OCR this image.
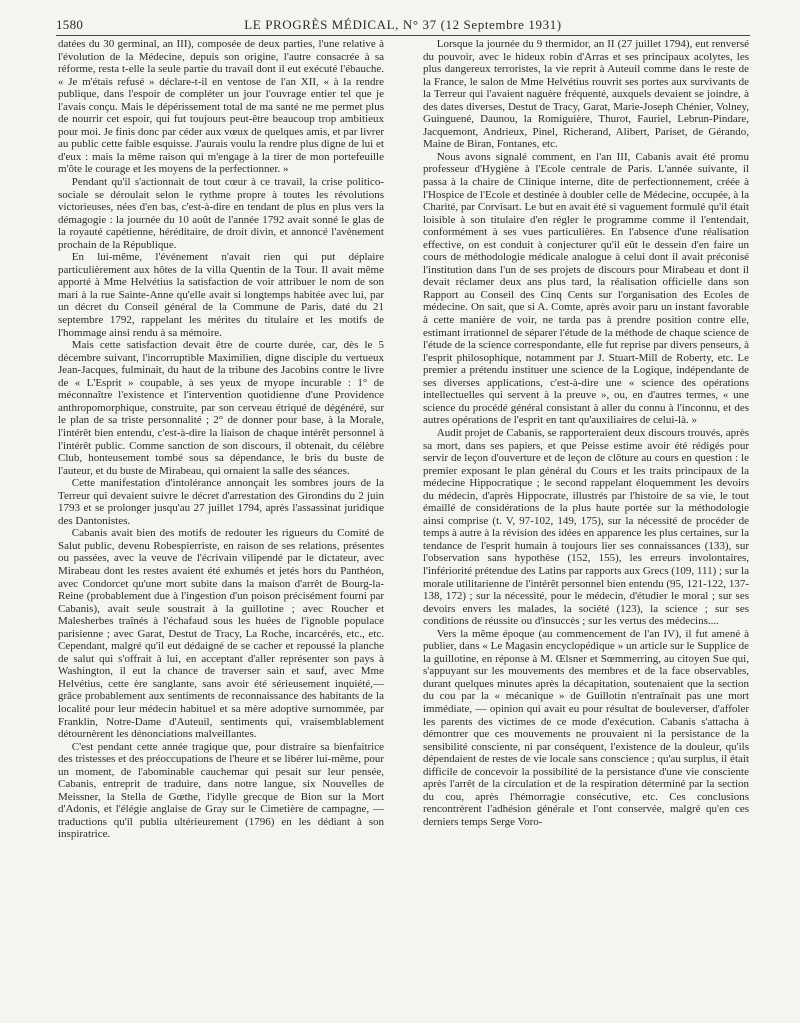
1580	LE PROGRÈS MÉDICAL, N° 37 (12 Septembre 1931)

datées du 30 germinal, an III), composée de deux parties, l'une relative à l'évolution de la Médecine, depuis son origine, l'autre consacrée à sa réforme, resta t-elle la seule partie du travail dont il eut exécuté l'ébauche. « Je m'étais refusé » déclare-t-il en ventose de l'an XII, « à la rendre publique, dans l'espoir de compléter un jour l'ouvrage entier tel que je l'avais conçu. Mais le dépérissement total de ma santé ne me permet plus de nourrir cet espoir, qui fut toujours peut-être beaucoup trop ambitieux pour moi. Je finis donc par céder aux vœux de quelques amis, et par livrer au public cette faible esquisse. J'aurais voulu la rendre plus digne de lui et d'eux : mais la même raison qui m'engage à la tirer de mon portefeuille m'ôte le courage et les moyens de la perfectionner. »

Pendant qu'il s'actionnait de tout cœur à ce travail, la crise politico-sociale se déroulait selon le rythme propre à toutes les révolutions victorieuses, nées d'en bas, c'est-à-dire en tendant de plus en plus vers la démagogie : la journée du 10 août de l'année 1792 avait sonné le glas de la royauté capétienne, héréditaire, de droit divin, et annoncé l'avènement prochain de la République.

En lui-même, l'événement n'avait rien qui put déplaire particulièrement aux hôtes de la villa Quentin de la Tour. Il avait même apporté à Mme Helvétius la satisfaction de voir attribuer le nom de son mari à la rue Sainte-Anne qu'elle avait si longtemps habitée avec lui, par un décret du Conseil général de la Commune de Paris, daté du 21 septembre 1792, rappelant les mérites du titulaire et les motifs de l'hommage ainsi rendu à sa mémoire.

Mais cette satisfaction devait être de courte durée, car, dès le 5 décembre suivant, l'incorruptible Maximilien, digne disciple du vertueux Jean-Jacques, fulminait, du haut de la tribune des Jacobins contre le livre de « L'Esprit » coupable, à ses yeux de myope incurable : 1° de méconnaître l'existence et l'intervention quotidienne d'une Providence anthropomorphique, construite, par son cerveau étriqué de dégénéré, sur le plan de sa triste personnalité ; 2° de donner pour base, à la Morale, l'intérêt bien entendu, c'est-à-dire la liaison de chaque intérêt personnel à l'intérêt public. Comme sanction de son discours, il obtenait, du célèbre Club, honteusement tombé sous sa dépendance, le bris du buste de l'auteur, et du buste de Mirabeau, qui ornaient la salle des séances.

Cette manifestation d'intolérance annonçait les sombres jours de la Terreur qui devaient suivre le décret d'arrestation des Girondins du 2 juin 1793 et se prolonger jusqu'au 27 juillet 1794, après l'assassinat juridique des Dantonistes.

Cabanis avait bien des motifs de redouter les rigueurs du Comité de Salut public, devenu Robespierriste, en raison de ses relations, présentes ou passées, avec la veuve de l'écrivain vilipendé par le dictateur, avec Mirabeau dont les restes avaient été exhumés et jetés hors du Panthéon, avec Condorcet qu'une mort subite dans la maison d'arrêt de Bourg-la-Reine (probablement due à l'ingestion d'un poison précisément fourni par Cabanis), avait seule soustrait à la guillotine ; avec Roucher et Malesherbes traînés à l'échafaud sous les huées de l'ignoble populace parisienne ; avec Garat, Destut de Tracy, La Roche, incarcérés, etc., etc. Cependant, malgré qu'il eut dédaigné de se cacher et repoussé la planche de salut qui s'offrait à lui, en acceptant d'aller représenter son pays à Washington, il eut la chance de traverser sain et sauf, avec Mme Helvétius, cette ère sanglante, sans avoir été sérieusement inquiété,— grâce probablement aux sentiments de reconnaissance des habitants de la localité pour leur médecin habituel et sa mère adoptive surnommée, par Franklin, Notre-Dame d'Auteuil, sentiments qui, vraisemblablement détournèrent les dénonciations malveillantes.

C'est pendant cette année tragique que, pour distraire sa bienfaitrice des tristesses et des préoccupations de l'heure et se libérer lui-même, pour un moment, de l'abominable cauchemar qui pesait sur leur pensée, Cabanis, entreprit de traduire, dans notre langue, six Nouvelles de Meissner, la Stella de Gœthe, l'idylle grecque de Bion sur la Mort d'Adonis, et l'élégie anglaise de Gray sur le Cimetière de campagne, — traductions qu'il publia ultérieurement (1796) en les dédiant à son inspiratrice.

Lorsque la journée du 9 thermidor, an II (27 juillet 1794), eut renversé du pouvoir, avec le hideux robin d'Arras et ses principaux acolytes, les plus dangereux terroristes, la vie reprit à Auteuil comme dans le reste de la France, le salon de Mme Helvétius rouvrit ses portes aux survivants de la Terreur qui l'avaient naguère fréquenté, auxquels devaient se joindre, à des dates diverses, Destut de Tracy, Garat, Marie-Joseph Chénier, Volney, Guinguené, Daunou, la Romiguière, Thurot, Fauriel, Lebrun-Pindare, Jacquemont, Andrieux, Pinel, Richerand, Alibert, Pariset, de Gérando, Maine de Biran, Fontanes, etc.

Nous avons signalé comment, en l'an III, Cabanis avait été promu professeur d'Hygiène à l'Ecole centrale de Paris. L'année suivante, il passa à la chaire de Clinique interne, dite de perfectionnement, créée à l'Hospice de l'Ecole et destinée à doubler celle de Médecine, occupée, à la Charité, par Corvisart. Le but en avait été si vaguement formulé qu'il était loisible à son titulaire d'en régler le programme comme il l'entendait, conformément à ses vues particulières. En l'absence d'une réalisation effective, on est conduit à conjecturer qu'il eût le dessein d'en faire un cours de méthodologie médicale analogue à celui dont il avait préconisé l'institution dans l'un de ses projets de discours pour Mirabeau et dont il devait réclamer deux ans plus tard, la réalisation officielle dans son Rapport au Conseil des Cinq Cents sur l'organisation des Ecoles de médecine. On sait, que si A. Comte, après avoir paru un instant favorable à cette manière de voir, ne tarda pas à prendre position contre elle, estimant irrationnel de séparer l'étude de la méthode de chaque science de l'étude de la science correspondante, elle fut reprise par divers penseurs, à l'esprit philosophique, notamment par J. Stuart-Mill de Roberty, etc. Le premier a prétendu instituer une science de la Logique, indépendante de ses diverses applications, c'est-à-dire une « science des opérations intellectuelles qui servent à la preuve », ou, en d'autres termes, « une science du procédé général consistant à aller du connu à l'inconnu, et des autres opérations de l'esprit en tant qu'auxiliaires de celui-là. »

Audit projet de Cabanis, se rapporteraient deux discours trouvés, après sa mort, dans ses papiers, et que Peisse estime avoir été rédigés pour servir de leçon d'ouverture et de leçon de clôture au cours en question : le premier exposant le plan général du Cours et les traits principaux de la médecine Hippocratique ; le second rappelant éloquemment les devoirs du médecin, d'après Hippocrate, illustrés par l'histoire de sa vie, le tout émaillé de considérations de la plus haute portée sur la méthodologie ainsi comprise (t. V, 97-102, 149, 175), sur la nécessité de procéder de temps à autre à la révision des idées en apparence les plus certaines, sur la tendance de l'esprit humain à toujours lier ses connaissances (133), sur l'observation sans hypothèse (152, 155), les erreurs involontaires, l'infériorité prétendue des Latins par rapports aux Grecs (109, 111) ; sur la morale utilitarienne de l'intérêt personnel bien entendu (95, 121-122, 137-138, 172) ; sur la nécessité, pour le médecin, d'étudier le moral ; sur ses devoirs envers les malades, la société (123), la science ; sur ses conditions de réussite ou d'insuccès ; sur les vertus des médecins....

Vers la même époque (au commencement de l'an IV), il fut amené à publier, dans « Le Magasin encyclopédique » un article sur le Supplice de la guillotine, en réponse à M. Œlsner et Sœmmerring, au citoyen Sue qui, s'appuyant sur les mouvements des membres et de la face observables, durant quelques minutes après la décapitation, soutenaient que la section du cou par la « mécanique » de Guillotin n'entraînait pas une mort immédiate, — opinion qui avait eu pour résultat de bouleverser, d'affoler les parents des victimes de ce mode d'exécution. Cabanis s'attacha à démontrer que ces mouvements ne prouvaient ni la persistance de la sensibilité consciente, ni par conséquent, l'existence de la douleur, qu'ils dépendaient de restes de vie locale sans conscience ; qu'au surplus, il était difficile de concevoir la possibilité de la persistance d'une vie consciente après l'arrêt de la circulation et de la respiration déterminé par la section du cou, après l'hémorragie consécutive, etc. Ces conclusions rencontrèrent l'adhésion générale et l'ont conservée, malgré qu'en ces derniers temps Serge Voro-
